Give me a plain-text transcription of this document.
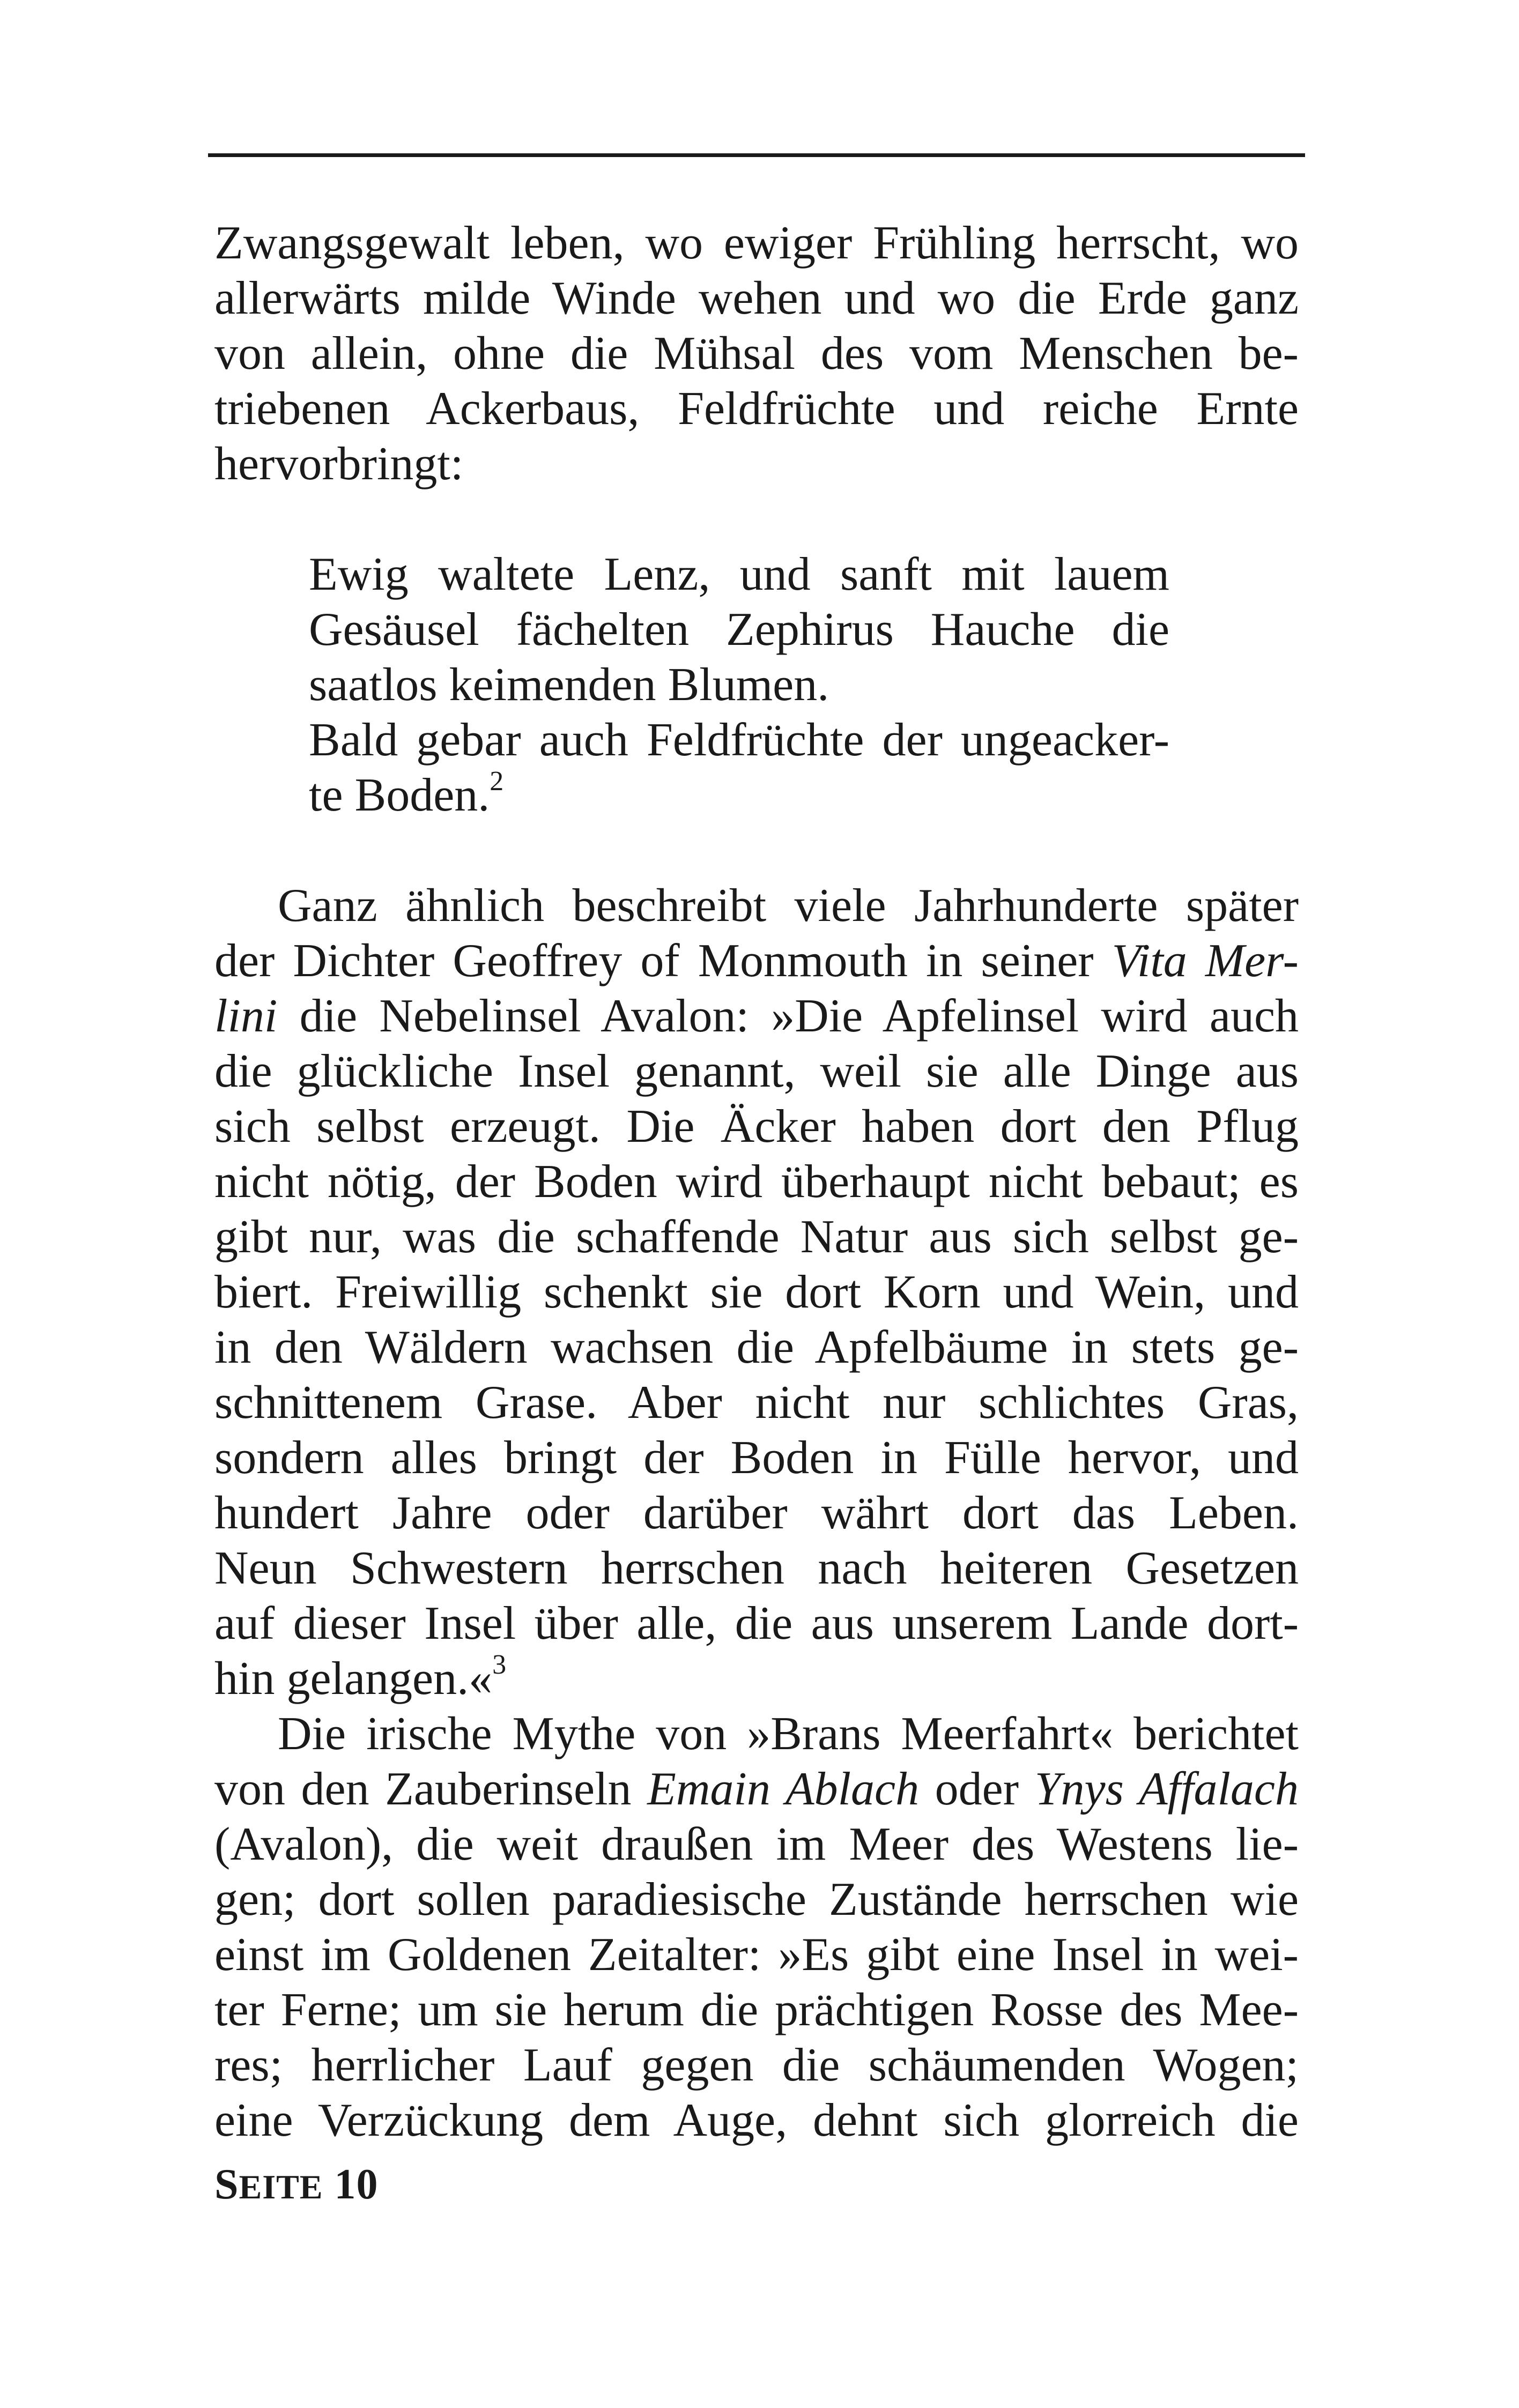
Zwangsgewalt leben, wo ewiger Frühling herrscht, wo
allerwärts milde Winde wehen und wo die Erde ganz
von allein, ohne die Mühsal des vom Menschen be-
triebenen Ackerbaus, Feldfrüchte und reiche Ernte
hervorbringt:
Ewig waltete Lenz, und sanft mit lauem
Gesäusel fächelten Zephirus Hauche die
saatlos keimenden Blumen.
Bald gebar auch Feldfrüchte der ungeacker-
te Boden.$^2$
Ganz ähnlich beschreibt viele Jahrhunderte später
der Dichter Geoffrey of Monmouth in seiner Vita Mer-
lini die Nebelinsel Avalon: »Die Apfelinsel wird auch
die glückliche Insel genannt, weil sie alle Dinge aus
sich selbst erzeugt. Die Äcker haben dort den Pflug
nicht nötig, der Boden wird überhaupt nicht bebaut; es
gibt nur, was die schaffende Natur aus sich selbst ge-
biert. Freiwillig schenkt sie dort Korn und Wein, und
in den Wäldern wachsen die Apfelbäume in stets ge-
schnittenem Grase. Aber nicht nur schlichtes Gras,
sondern alles bringt der Boden in Fülle hervor, und
hundert Jahre oder darüber währt dort das Leben.
Neun Schwestern herrschen nach heiteren Gesetzen
auf dieser Insel über alle, die aus unserem Lande dort-
hin gelangen.«$^3$
Die irische Mythe von »Brans Meerfahrt« berichtet
von den Zauberinseln Emain Ablach oder Ynys Affalach
(Avalon), die weit draußen im Meer des Westens lie-
gen; dort sollen paradiesische Zustände herrschen wie
einst im Goldenen Zeitalter: »Es gibt eine Insel in wei-
ter Ferne; um sie herum die prächtigen Rosse des Mee-
res; herrlicher Lauf gegen die schäumenden Wogen;
eine Verzückung dem Auge, dehnt sich glorreich die
SEITE 10
